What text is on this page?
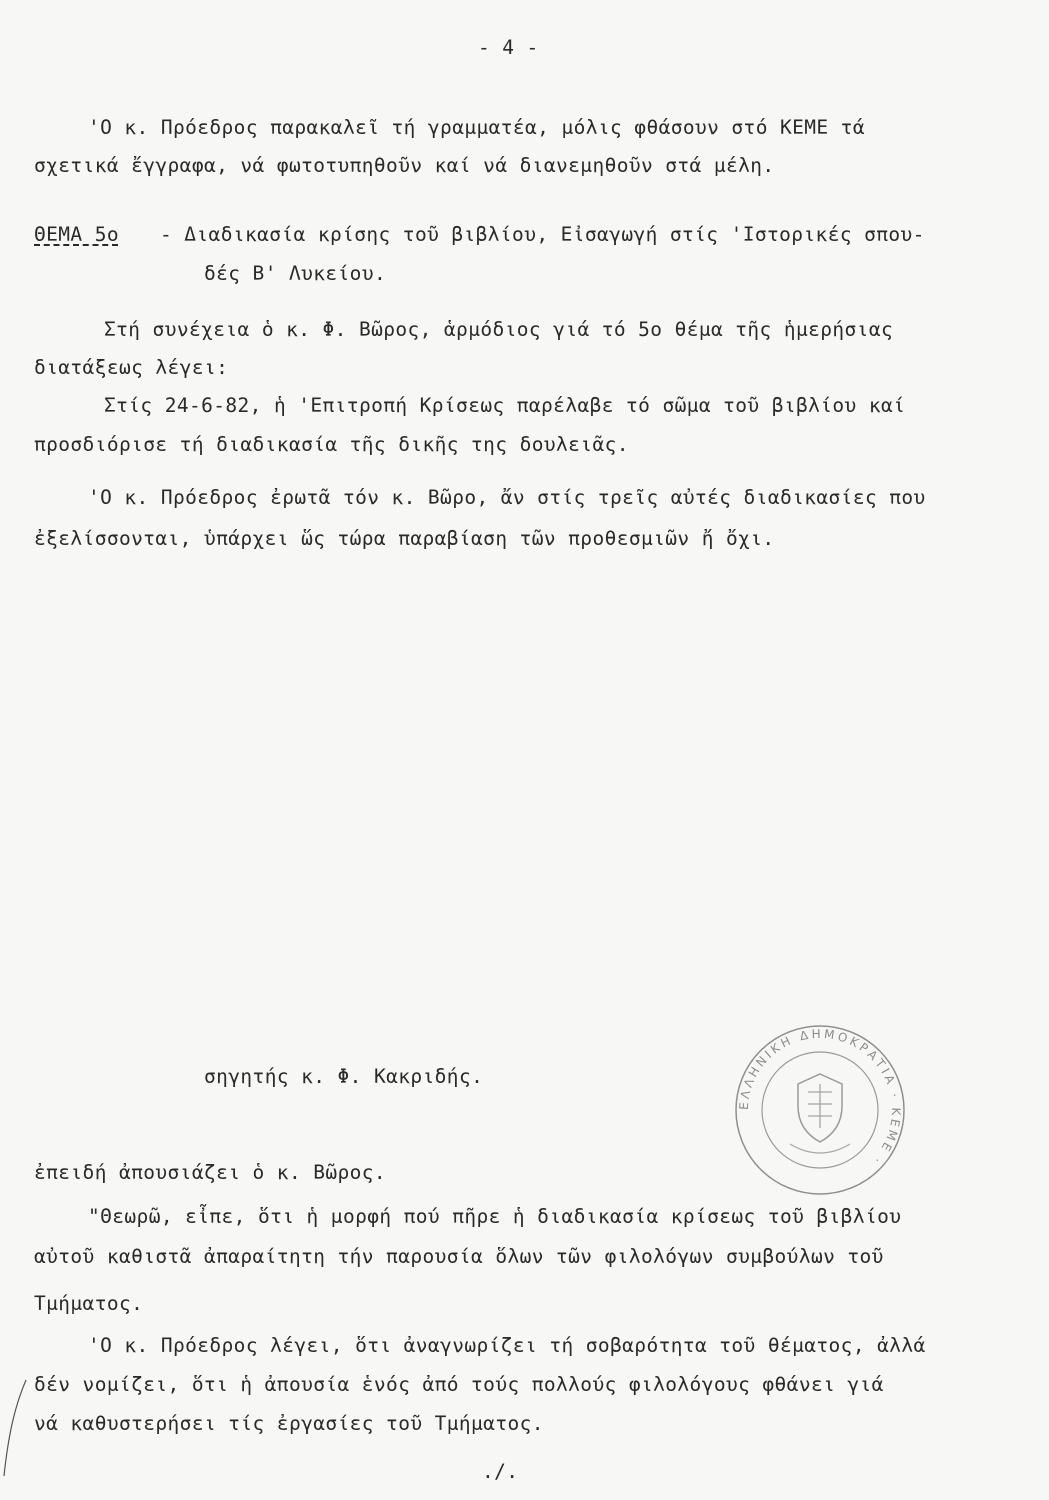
- 4 -
'Ο κ. Πρόεδρος παρακαλεῖ τή γραμματέα, μόλις φθάσουν στό ΚΕΜΕ τά
σχετικά ἔγγραφα, νά φωτοτυπηθοῦν καί νά διανεμηθοῦν στά μέλη.
ΘΕΜΑ 5ο - Διαδικασία κρίσης τοῦ βιβλίου, Εἰσαγωγή στίς 'Ιστορικές σπου-
δές Β' Λυκείου.
Στή συνέχεια ὁ κ. Φ. Βῶρος, ἁρμόδιος γιά τό 5ο θέμα τῆς ἡμερήσιας
διατάξεως λέγει:
Στίς 24-6-82, ἡ 'Επιτροπή Κρίσεως παρέλαβε τό σῶμα τοῦ βιβλίου καί
προσδιόρισε τή διαδικασία τῆς δικῆς της δουλειᾶς.
'Ο κ. Πρόεδρος ἐρωτᾶ τόν κ. Βῶρο, ἄν στίς τρεῖς αὐτές διαδικασίες που
ἐξελίσσονται, ὑπάρχει ὥς τώρα παραβίαση τῶν προθεσμιῶν ἤ ὄχι.
σηγητής κ. Φ. Κακριδής.
ἐπειδή ἀπουσιάζει ὁ κ. Βῶρος.
"Θεωρῶ, εἶπε, ὅτι ἡ μορφή πού πῆρε ἡ διαδικασία κρίσεως τοῦ βιβλίου
αὐτοῦ καθιστᾶ ἀπαραίτητη τήν παρουσία ὅλων τῶν φιλολόγων συμβούλων τοῦ
Τμήματος.
'Ο κ. Πρόεδρος λέγει, ὅτι ἀναγνωρίζει τή σοβαρότητα τοῦ θέματος, ἀλλά
δέν νομίζει, ὅτι ἡ ἀπουσία ἑνός ἀπό τούς πολλούς φιλολόγους φθάνει γιά
νά καθυστερήσει τίς ἐργασίες τοῦ Τμήματος.
./.
ΕΛΛΗΝΙΚΗ ΔΗΜΟΚΡΑΤΙΑ · ΚΕΜΕ ·
